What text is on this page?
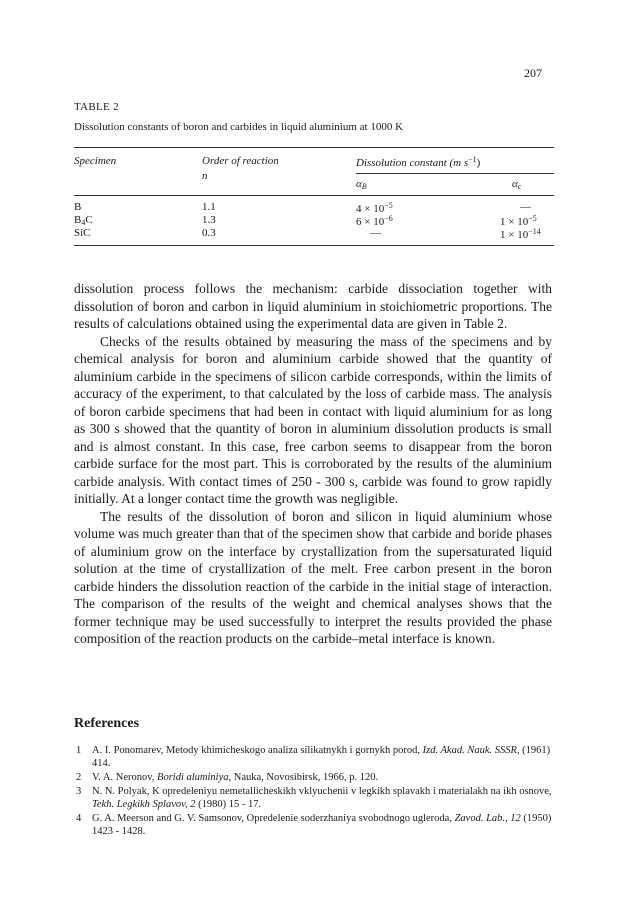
207
TABLE 2
Dissolution constants of boron and carbides in liquid aluminium at 1000 K
Specimen	Order of reaction
n
Dissolution constant (m $s^{-1}$)
$\alpha_B$	$\alpha_c$
B	1.1	$4 \times 10^{-5}$	—
$B_4C$	1.3	$6 \times 10^{-6}$	$1 \times 10^{-5}$
SiC	0.3	—	$1 \times 10^{-14}$

dissolution process follows the mechanism: carbide dissociation together with dissolution of boron and carbon in liquid aluminium in stoichiometric proportions. The results of calculations obtained using the experimental data are given in Table 2.

Checks of the results obtained by measuring the mass of the specimens and by chemical analysis for boron and aluminium carbide showed that the quantity of aluminium carbide in the specimens of silicon carbide corresponds, within the limits of accuracy of the experiment, to that calculated by the loss of carbide mass. The analysis of boron carbide specimens that had been in contact with liquid aluminium for as long as 300 s showed that the quantity of boron in aluminium dissolution products is small and is almost constant. In this case, free carbon seems to disappear from the boron carbide surface for the most part. This is corroborated by the results of the aluminium carbide analysis. With contact times of 250 - 300 s, carbide was found to grow rapidly initially. At a longer contact time the growth was negligible.

The results of the dissolution of boron and silicon in liquid aluminium whose volume was much greater than that of the specimen show that carbide and boride phases of aluminium grow on the interface by crystallization from the supersaturated liquid solution at the time of crystallization of the melt. Free carbon present in the boron carbide hinders the dissolution reaction of the carbide in the initial stage of interaction. The comparison of the results of the weight and chemical analyses shows that the former technique may be used successfully to interpret the results provided the phase composition of the reaction products on the carbide–metal interface is known.

References
1 A. I. Ponomarev, Metody khimicheskogo analiza silikatnykh i gornykh porod, Izd. Akad. Nauk. SSSR, (1961) 414.
2 V. A. Neronov, Boridi aluminiya, Nauka, Novosibirsk, 1966, p. 120.
3 N. N. Polyak, K opredeleniyu nemetallicheskikh vklyuchenii v legkikh splavakh i materialakh na ikh osnove, Tekh. Legkikh Splavov, 2 (1980) 15 - 17.
4 G. A. Meerson and G. V. Samsonov, Opredelenie soderzhaniya svobodnogo ugleroda, Zavod. Lab., 12 (1950) 1423 - 1428.
